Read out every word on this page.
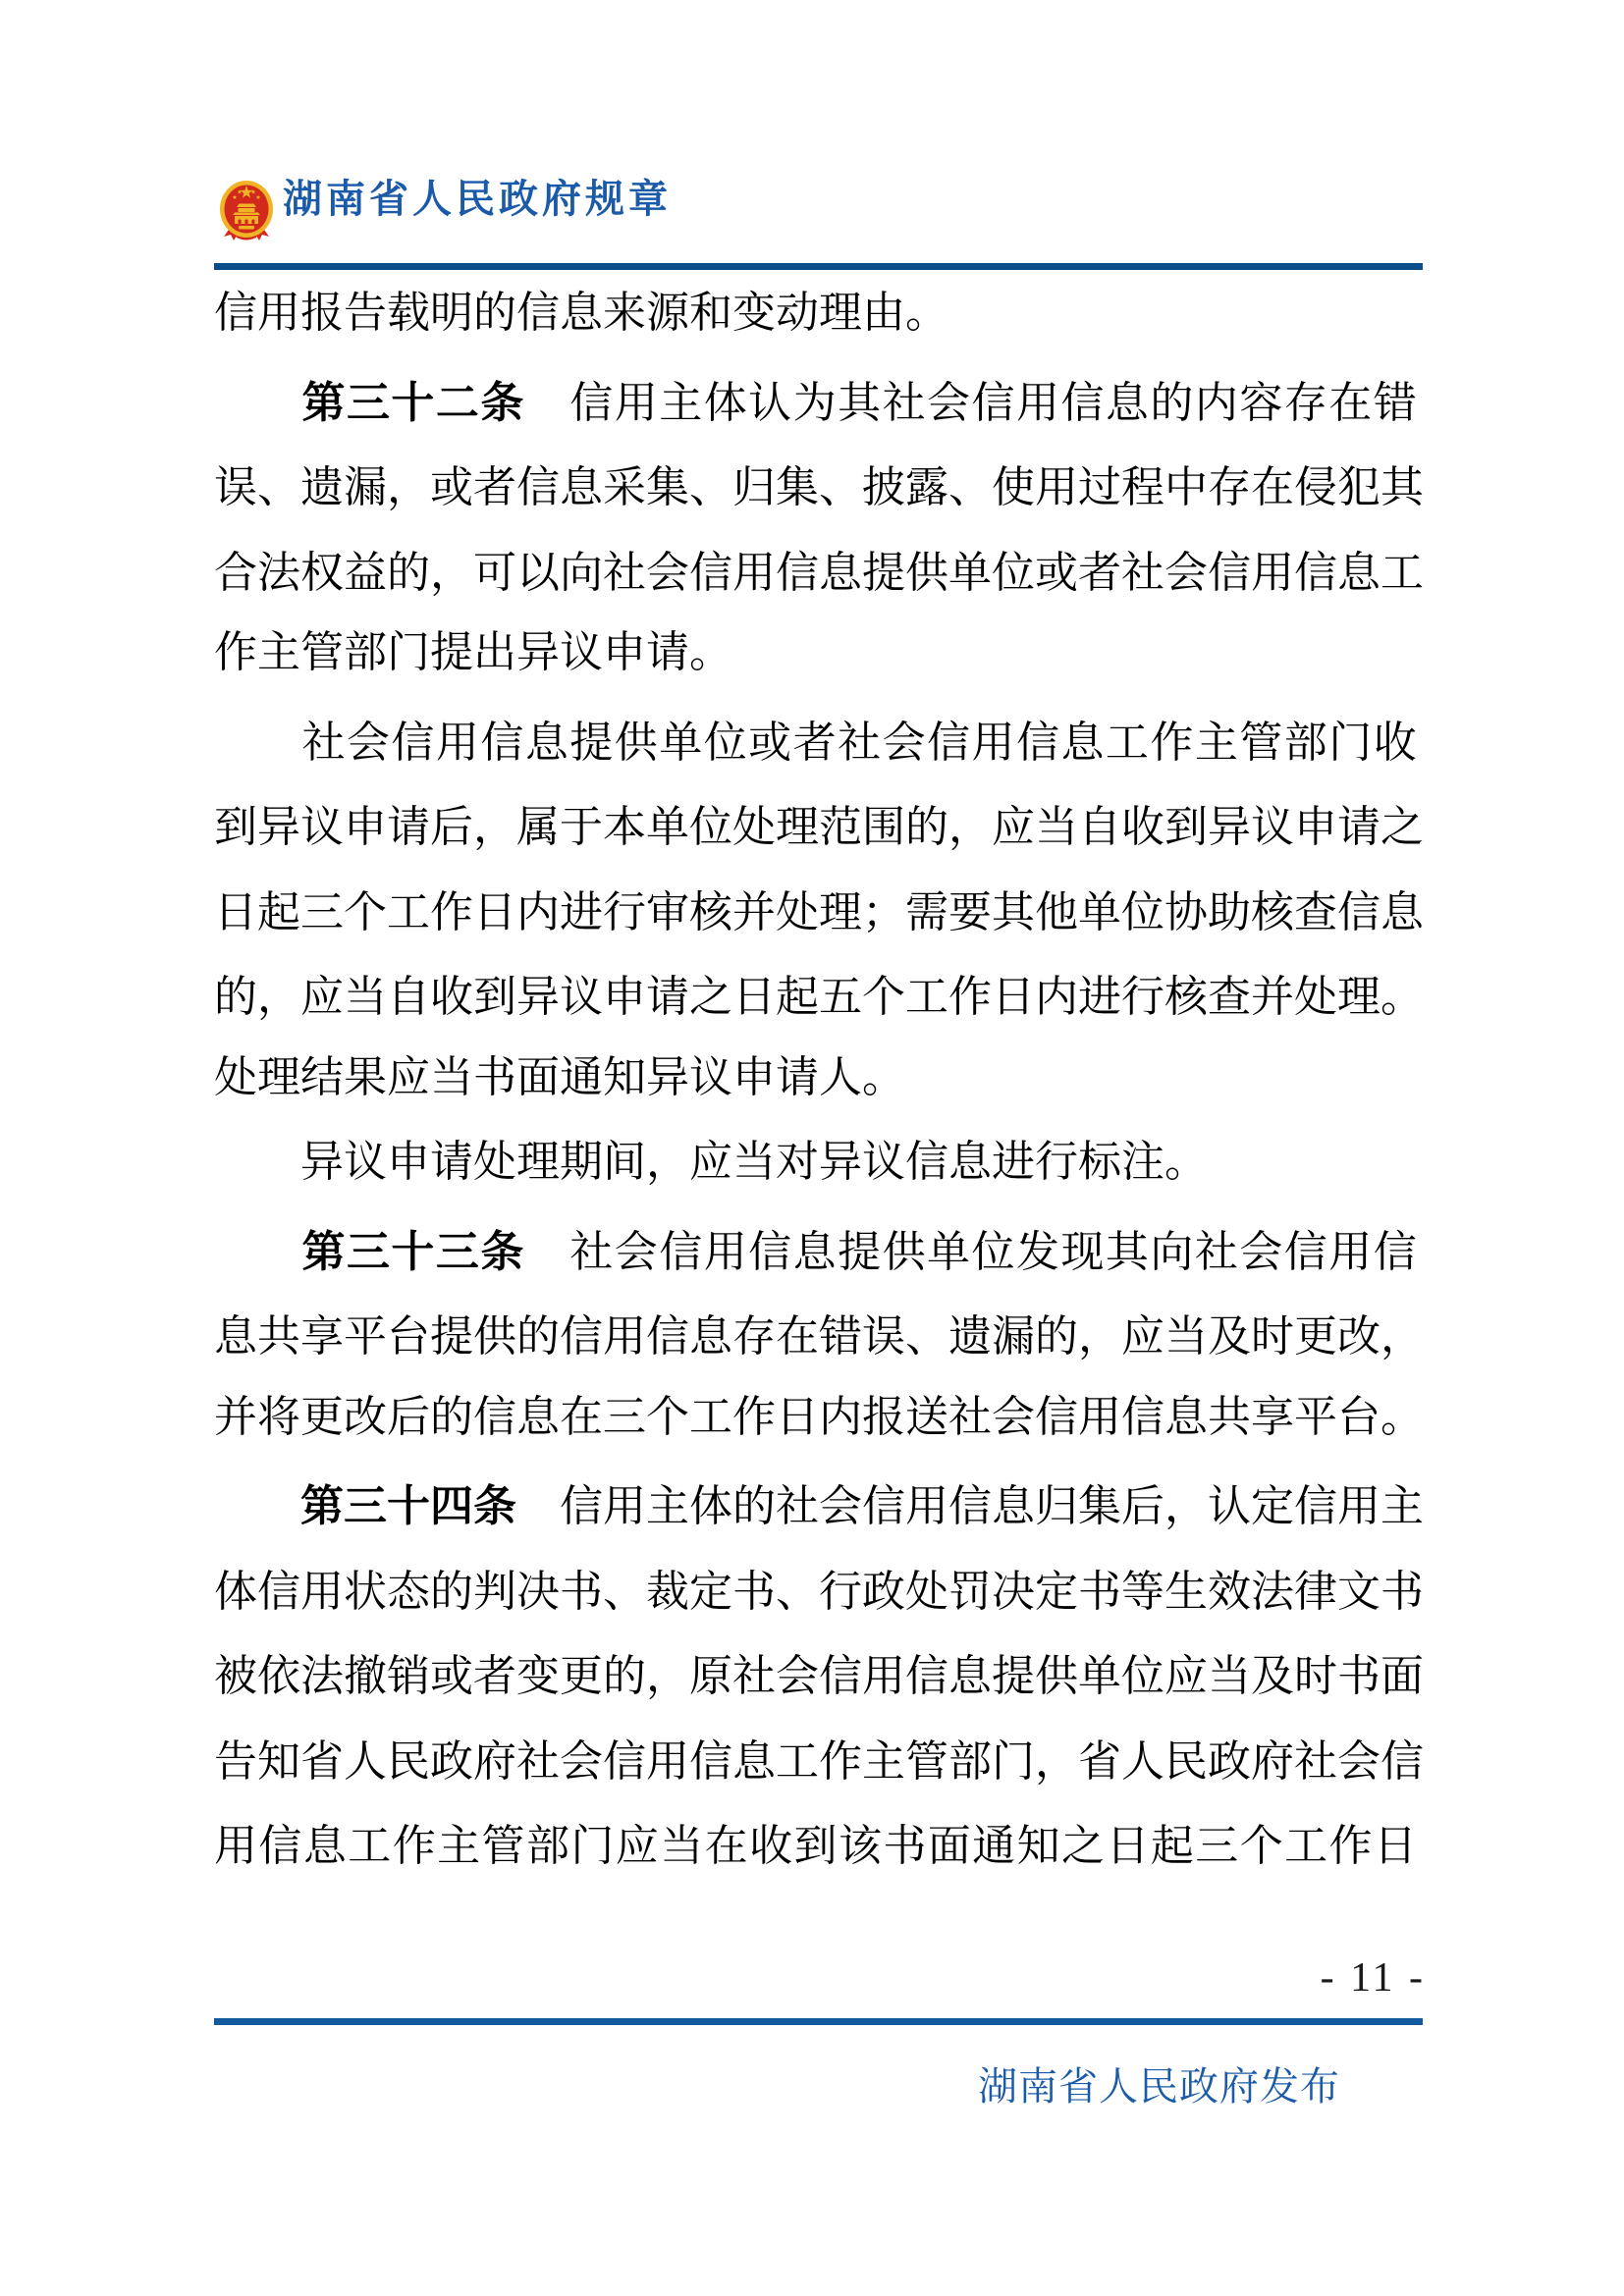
湖南省人民政府规章
信用报告载明的信息来源和变动理由。
第 三 十 二 条
　 信 用 主 体 认 为 其 社 会 信 用 信 息 的 内 容 存 在 错
误 、 遗 漏 ， 或 者 信 息 采 集 、 归 集 、 披 露 、 使 用 过 程 中 存 在 侵 犯 其
合 法 权 益 的 ， 可 以 向 社 会 信 用 信 息 提 供 单 位 或 者 社 会 信 用 信 息 工
作主管部门提出异议申请。
社 会 信 用 信 息 提 供 单 位 或 者 社 会 信 用 信 息 工 作 主 管 部 门 收
到 异 议 申 请 后 ， 属 于 本 单 位 处 理 范 围 的 ， 应 当 自 收 到 异 议 申 请 之
日 起 三 个 工 作 日 内 进 行 审 核 并 处 理 ； 需 要 其 他 单 位 协 助 核 查 信 息
的 ， 应 当 自 收 到 异 议 申 请 之 日 起 五 个 工 作 日 内 进 行 核 查 并 处 理 。
处理结果应当书面通知异议申请人。
异议申请处理期间，应当对异议信息进行标注。
第 三 十 三 条
　 社 会 信 用 信 息 提 供 单 位 发 现 其 向 社 会 信 用 信
息 共 享 平 台 提 供 的 信 用 信 息 存 在 错 误 、 遗 漏 的 ， 应 当 及 时 更 改 ，
并将更改后的信息在三个工作日内报送社会信用信息共享平台。
第 三 十 四 条
　 信 用 主 体 的 社 会 信 用 信 息 归 集 后 ， 认 定 信 用 主
体 信 用 状 态 的 判 决 书 、 裁 定 书 、 行 政 处 罚 决 定 书 等 生 效 法 律 文 书
被 依 法 撤 销 或 者 变 更 的 ， 原 社 会 信 用 信 息 提 供 单 位 应 当 及 时 书 面
告 知 省 人 民 政 府 社 会 信 用 信 息 工 作 主 管 部 门 ， 省 人 民 政 府 社 会 信
用 信 息 工 作 主 管 部 门 应 当 在 收 到 该 书 面 通 知 之 日 起 三 个 工 作 日
- 11 -
湖南省人民政府发布
